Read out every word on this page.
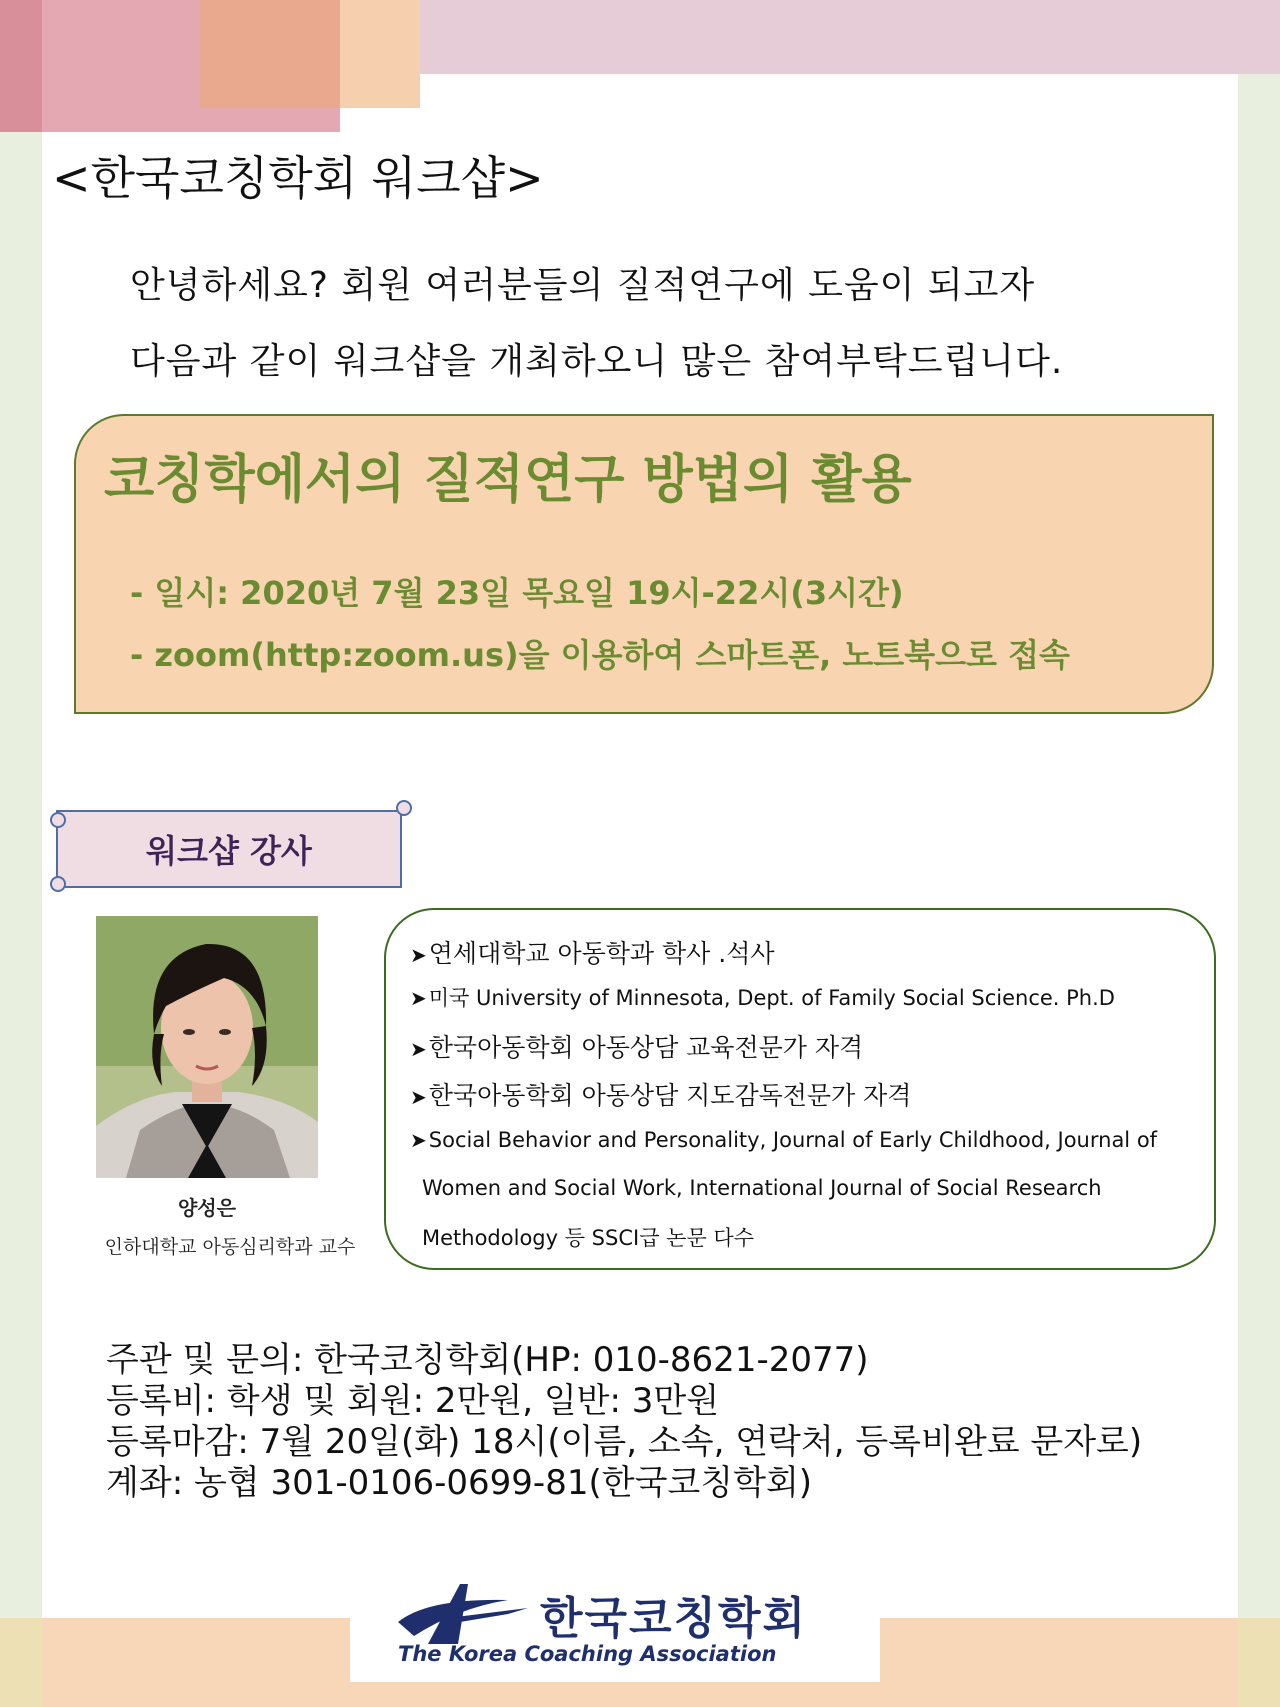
<한국코칭학회 워크샵>
안녕하세요? 회원 여러분들의 질적연구에 도움이 되고자
다음과 같이 워크샵을 개최하오니 많은 참여부탁드립니다.
코칭학에서의 질적연구 방법의 활용
- 일시: 2020년 7월 23일 목요일 19시-22시(3시간)
- zoom(http:zoom.us)을 이용하여 스마트폰, 노트북으로 접속
워크샵 강사
양성은
인하대학교 아동심리학과 교수
➤연세대학교 아동학과 학사 .석사
➤미국 University of Minnesota, Dept. of Family Social Science. Ph.D
➤한국아동학회 아동상담 교육전문가 자격
➤한국아동학회 아동상담 지도감독전문가 자격
➤Social Behavior and Personality, Journal of Early Childhood, Journal of
Women and Social Work, International Journal of Social Research
Methodology 등 SSCI급 논문 다수
주관 및 문의: 한국코칭학회(HP: 010-8621-2077)
등록비: 학생 및 회원: 2만원, 일반: 3만원
등록마감: 7월 20일(화) 18시(이름, 소속, 연락처, 등록비완료 문자로)
계좌: 농협 301-0106-0699-81(한국코칭학회)
한국코칭학회
The Korea Coaching Association
